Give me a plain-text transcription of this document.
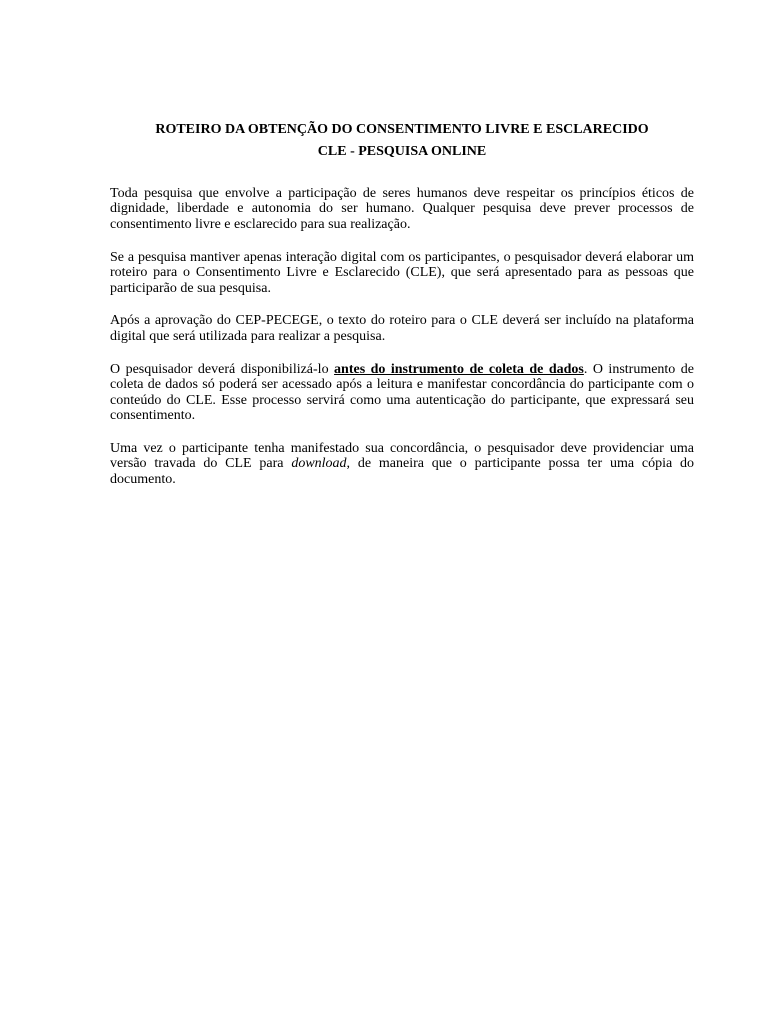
ROTEIRO DA OBTENÇÃO DO CONSENTIMENTO LIVRE E ESCLARECIDO
CLE - PESQUISA ONLINE

Toda pesquisa que envolve a participação de seres humanos deve respeitar os princípios éticos de dignidade, liberdade e autonomia do ser humano. Qualquer pesquisa deve prever processos de consentimento livre e esclarecido para sua realização.

Se a pesquisa mantiver apenas interação digital com os participantes, o pesquisador deverá elaborar um roteiro para o Consentimento Livre e Esclarecido (CLE), que será apresentado para as pessoas que participarão de sua pesquisa.

Após a aprovação do CEP-PECEGE, o texto do roteiro para o CLE deverá ser incluído na plataforma digital que será utilizada para realizar a pesquisa.

O pesquisador deverá disponibilizá-lo antes do instrumento de coleta de dados. O instrumento de coleta de dados só poderá ser acessado após a leitura e manifestar concordância do participante com o conteúdo do CLE. Esse processo servirá como uma autenticação do participante, que expressará seu consentimento.

Uma vez o participante tenha manifestado sua concordância, o pesquisador deve providenciar uma versão travada do CLE para download, de maneira que o participante possa ter uma cópia do documento.
